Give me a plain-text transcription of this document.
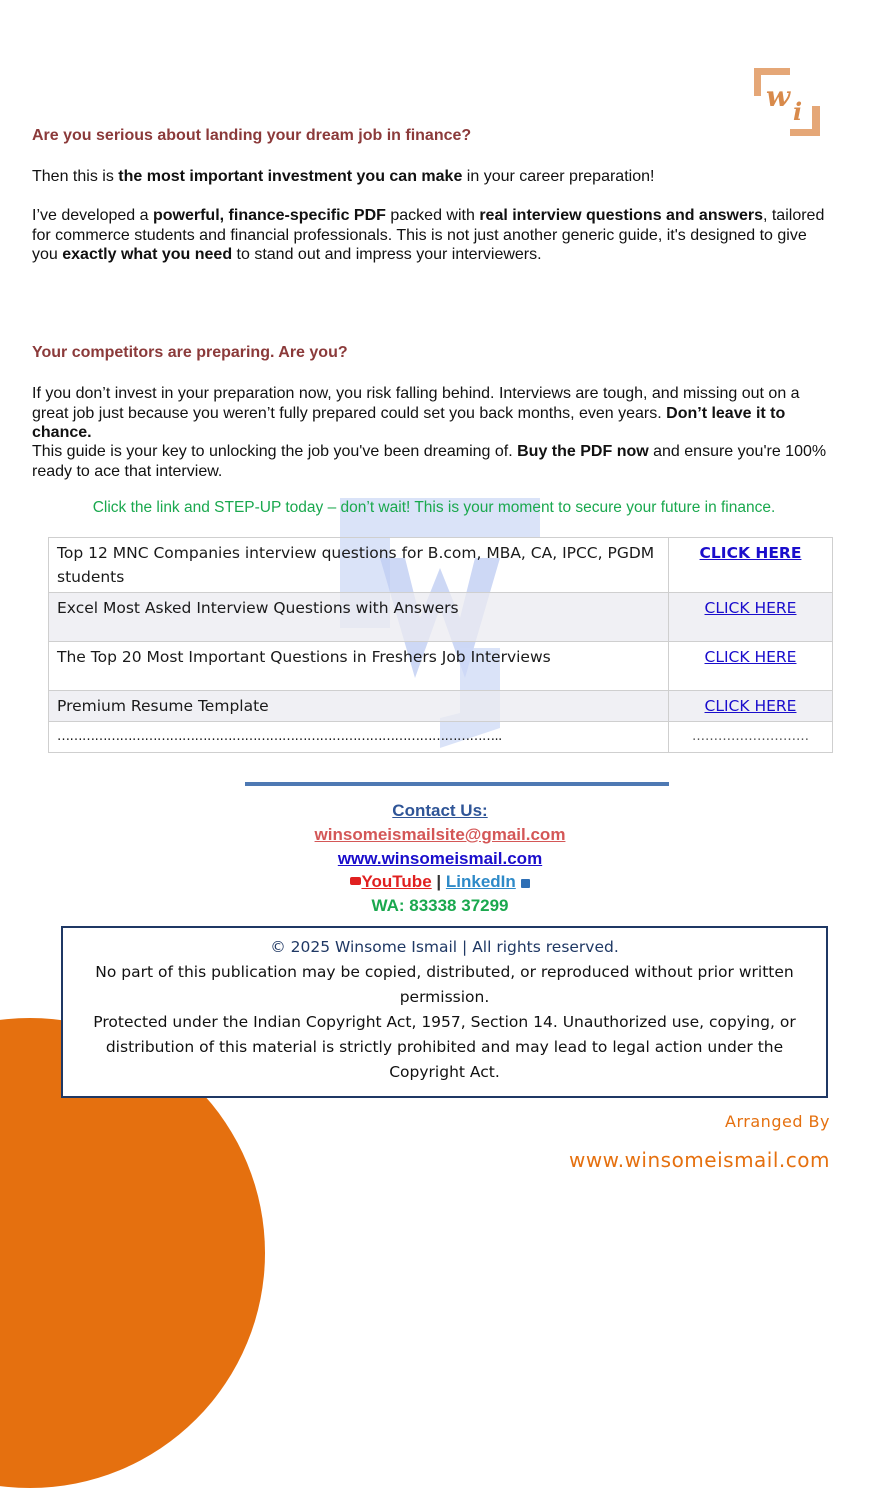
w i
Are you serious about landing your dream job in finance?
Then this is the most important investment you can make in your career preparation!
I’ve developed a powerful, finance-specific PDF packed with real interview questions and answers, tailored for commerce students and financial professionals. This is not just another generic guide, it's designed to give you exactly what you need to stand out and impress your interviewers.
Your competitors are preparing. Are you?
If you don’t invest in your preparation now, you risk falling behind. Interviews are tough, and missing out on a great job just because you weren’t fully prepared could set you back months, even years. Don’t leave it to chance.
This guide is your key to unlocking the job you've been dreaming of. Buy the PDF now and ensure you're 100% ready to ace that interview.
Click the link and STEP-UP today – don’t wait! This is your moment to secure your future in finance.
Top 12 MNC Companies interview questions for B.com, MBA, CA, IPCC, PGDM students	CLICK HERE
Excel Most Asked Interview Questions with Answers	CLICK HERE
The Top 20 Most Important Questions in Freshers Job Interviews	CLICK HERE
Premium Resume Template	CLICK HERE
……………………………………………………………………………………………..	………………………
Contact Us:
winsomeismailsite@gmail.com
www.winsomeismail.com
YouTube | LinkedIn
WA: 83338 37299
© 2025 Winsome Ismail | All rights reserved.
No part of this publication may be copied, distributed, or reproduced without prior written permission.
Protected under the Indian Copyright Act, 1957, Section 14. Unauthorized use, copying, or distribution of this material is strictly prohibited and may lead to legal action under the Copyright Act.
Arranged By
www.winsomeismail.com
